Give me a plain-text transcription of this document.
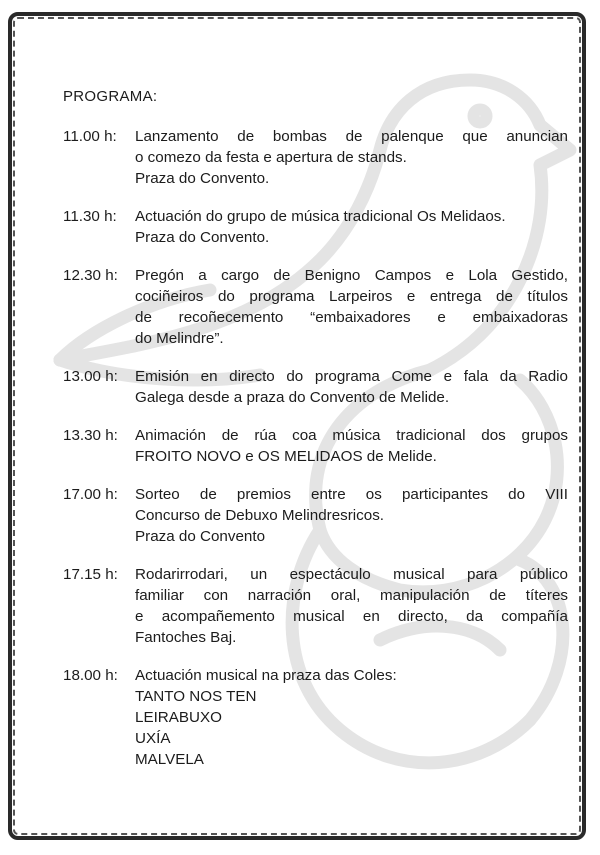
PROGRAMA:
11.00 h:	Lanzamento de bombas de palenque que anuncian
o comezo da festa e apertura de stands.
Praza do Convento.
11.30 h:	Actuación do grupo de música tradicional Os Melidaos.
Praza do Convento.
12.30 h:	Pregón a cargo de Benigno Campos e Lola Gestido,
cociñeiros do programa Larpeiros e entrega de títulos
de recoñecemento “embaixadores e embaixadoras
do Melindre”.
13.00 h:	Emisión en directo do programa Come e fala da Radio
Galega desde a praza do Convento de Melide.
13.30 h:	Animación de rúa coa música tradicional dos grupos
FROITO NOVO e OS MELIDAOS de Melide.
17.00 h:	Sorteo de premios entre os participantes do VIII
Concurso de Debuxo Melindresricos.
Praza do Convento
17.15 h:	Rodarirrodari, un espectáculo musical para público
familiar con narración oral, manipulación de títeres
e acompañemento musical en directo, da compañía
Fantoches Baj.
18.00 h:	Actuación musical na praza das Coles:
TANTO NOS TEN
LEIRABUXO
UXÍA
MALVELA
